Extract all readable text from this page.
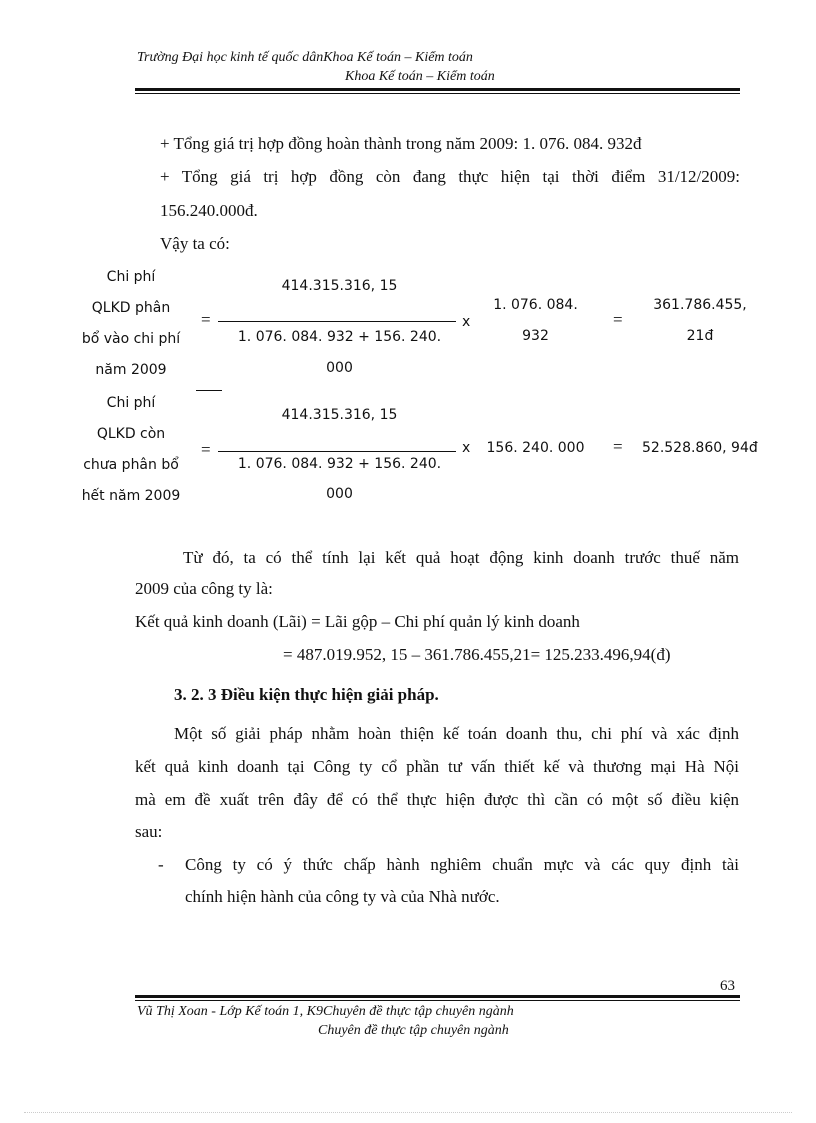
Trường Đại học kinh tế quốc dânKhoa Kế toán – Kiểm toán
Khoa Kế toán – Kiểm toán
+ Tổng giá trị hợp đồng hoàn thành trong năm 2009: 1. 076. 084. 932đ
+ Tổng giá trị hợp đồng còn đang thực hiện tại thời điểm 31/12/2009:
156.240.000đ.
Vậy ta có:
Chi phí
QLKD phân
bổ vào chi phí
năm 2009
=
414.315.316, 15
1. 076. 084. 932 + 156. 240.
000
x
1. 076. 084.
932
=
361.786.455,
21đ
Chi phí
QLKD còn
chưa phân bổ
hết năm 2009
=
414.315.316, 15
1. 076. 084. 932 + 156. 240.
000
x 156. 240. 000 = 52.528.860, 94đ
Từ đó, ta có thể tính lại kết quả hoạt động kinh doanh trước thuế năm
2009 của công ty là:
Kết quả kinh doanh (Lãi) = Lãi gộp – Chi phí quản lý kinh doanh
= 487.019.952, 15 – 361.786.455,21= 125.233.496,94(đ)
3. 2. 3 Điều kiện thực hiện giải pháp.
Một số giải pháp nhằm hoàn thiện kế toán doanh thu, chi phí và xác định
kết quả kinh doanh tại Công ty cổ phần tư vấn thiết kế và thương mại Hà Nội
mà em đề xuất trên đây để có thể thực hiện được thì cần có một số điều kiện
sau:
- Công ty có ý thức chấp hành nghiêm chuẩn mực và các quy định tài
chính hiện hành của công ty và của Nhà nước.
63
Vũ Thị Xoan - Lớp Kế toán 1, K9Chuyên đề thực tập chuyên ngành
Chuyên đề thực tập chuyên ngành
